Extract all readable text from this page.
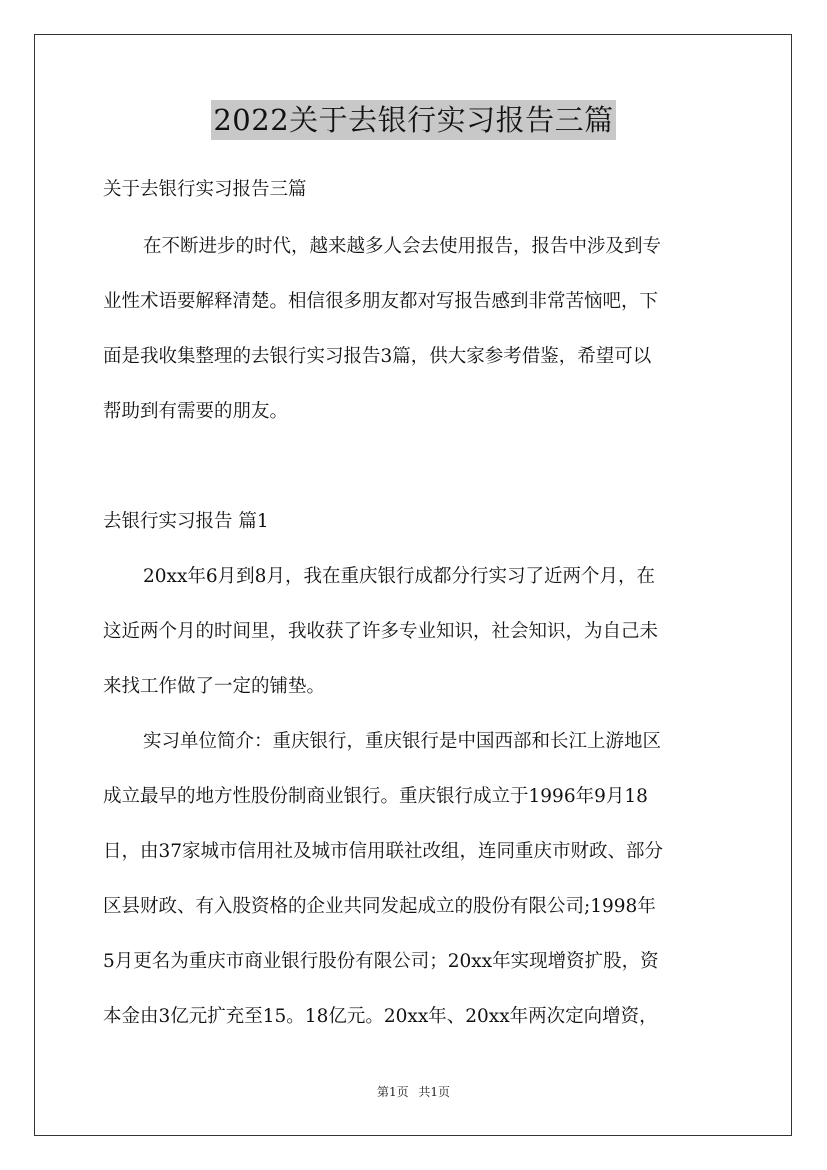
2022关于去银行实习报告三篇
关于去银行实习报告三篇
在不断进步的时代，越来越多人会去使用报告，报告中涉及到专
业性术语要解释清楚。相信很多朋友都对写报告感到非常苦恼吧，下
面是我收集整理的去银行实习报告3篇，供大家参考借鉴，希望可以
帮助到有需要的朋友。
去银行实习报告 篇1
20xx年6月到8月，我在重庆银行成都分行实习了近两个月，在
这近两个月的时间里，我收获了许多专业知识，社会知识，为自己未
来找工作做了一定的铺垫。
实习单位简介：重庆银行，重庆银行是中国西部和长江上游地区
成立最早的地方性股份制商业银行。重庆银行成立于1996年9月18
日，由37家城市信用社及城市信用联社改组，连同重庆市财政、部分
区县财政、有入股资格的企业共同发起成立的股份有限公司;1998年
5月更名为重庆市商业银行股份有限公司；20xx年实现增资扩股，资
本金由3亿元扩充至15。18亿元。20xx年、20xx年两次定向增资，
第1页 共1页
